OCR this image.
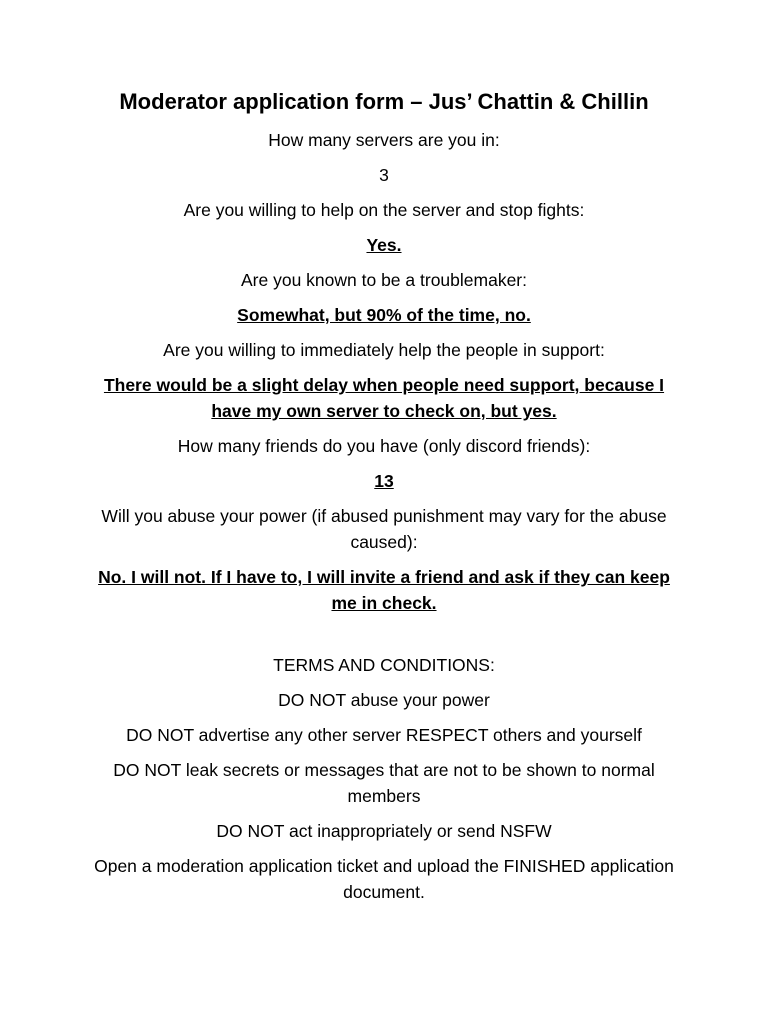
Moderator application form – Jus’ Chattin & Chillin

How many servers are you in:

3

Are you willing to help on the server and stop fights:

Yes.

Are you known to be a troublemaker:

Somewhat, but 90% of the time, no.

Are you willing to immediately help the people in support:

There would be a slight delay when people need support, because I have my own server to check on, but yes.

How many friends do you have (only discord friends):

13

Will you abuse your power (if abused punishment may vary for the abuse caused):

No. I will not. If I have to, I will invite a friend and ask if they can keep me in check.

TERMS AND CONDITIONS:

DO NOT abuse your power

DO NOT advertise any other server RESPECT others and yourself

DO NOT leak secrets or messages that are not to be shown to normal members

DO NOT act inappropriately or send NSFW

Open a moderation application ticket and upload the FINISHED application document.
